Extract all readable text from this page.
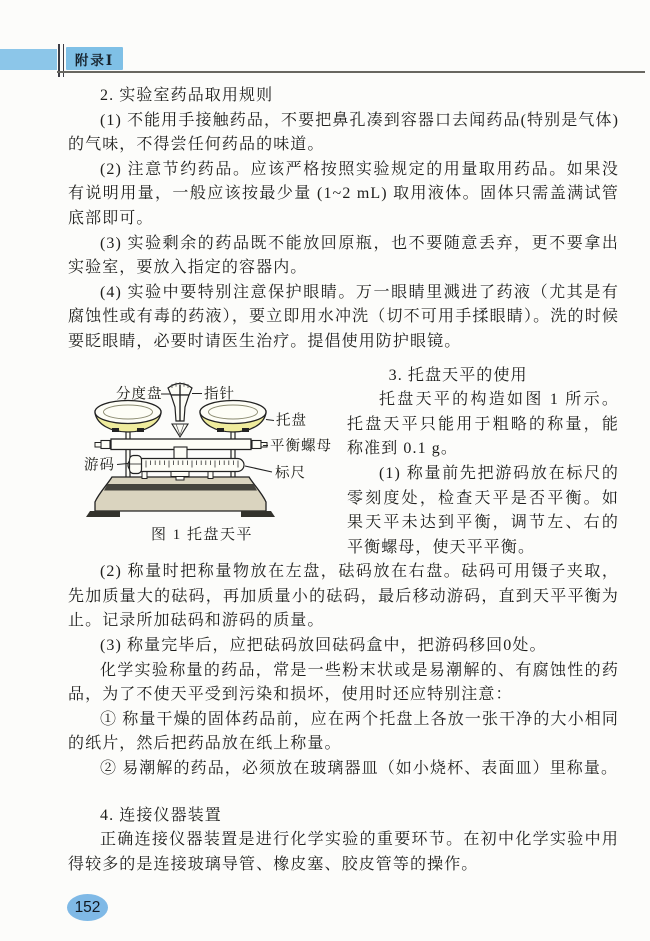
附录Ⅰ
2. 实验室药品取用规则

(1) 不能用手接触药品，不要把鼻孔凑到容器口去闻药品(特别是气体) 的气味，不得尝任何药品的味道。

(2) 注意节约药品。应该严格按照实验规定的用量取用药品。如果没有说明用量，一般应该按最少量 (1~2 mL) 取用液体。固体只需盖满试管底部即可。

(3) 实验剩余的药品既不能放回原瓶，也不要随意丢弃，更不要拿出实验室，要放入指定的容器内。

(4) 实验中要特别注意保护眼睛。万一眼睛里溅进了药液（尤其是有腐蚀性或有毒的药液），要立即用水冲洗（切不可用手揉眼睛）。洗的时候要眨眼睛，必要时请医生治疗。提倡使用防护眼镜。

分度盘	指针
托盘
平衡螺母
游码	标尺
图 1 托盘天平
3. 托盘天平的使用

托盘天平的构造如图 1 所示。托盘天平只能用于粗略的称量，能称准到 0.1 g。

(1) 称量前先把游码放在标尺的零刻度处，检查天平是否平衡。如果天平未达到平衡，调节左、右的平衡螺母，使天平平衡。

(2) 称量时把称量物放在左盘，砝码放在右盘。砝码可用镊子夹取，先加质量大的砝码，再加质量小的砝码，最后移动游码，直到天平平衡为止。记录所加砝码和游码的质量。

(3) 称量完毕后，应把砝码放回砝码盒中，把游码移回0处。

化学实验称量的药品，常是一些粉末状或是易潮解的、有腐蚀性的药品，为了不使天平受到污染和损坏，使用时还应特别注意：

① 称量干燥的固体药品前，应在两个托盘上各放一张干净的大小相同的纸片，然后把药品放在纸上称量。

② 易潮解的药品，必须放在玻璃器皿（如小烧杯、表面皿）里称量。

4. 连接仪器装置

正确连接仪器装置是进行化学实验的重要环节。在初中化学实验中用得较多的是连接玻璃导管、橡皮塞、胶皮管等的操作。

152
